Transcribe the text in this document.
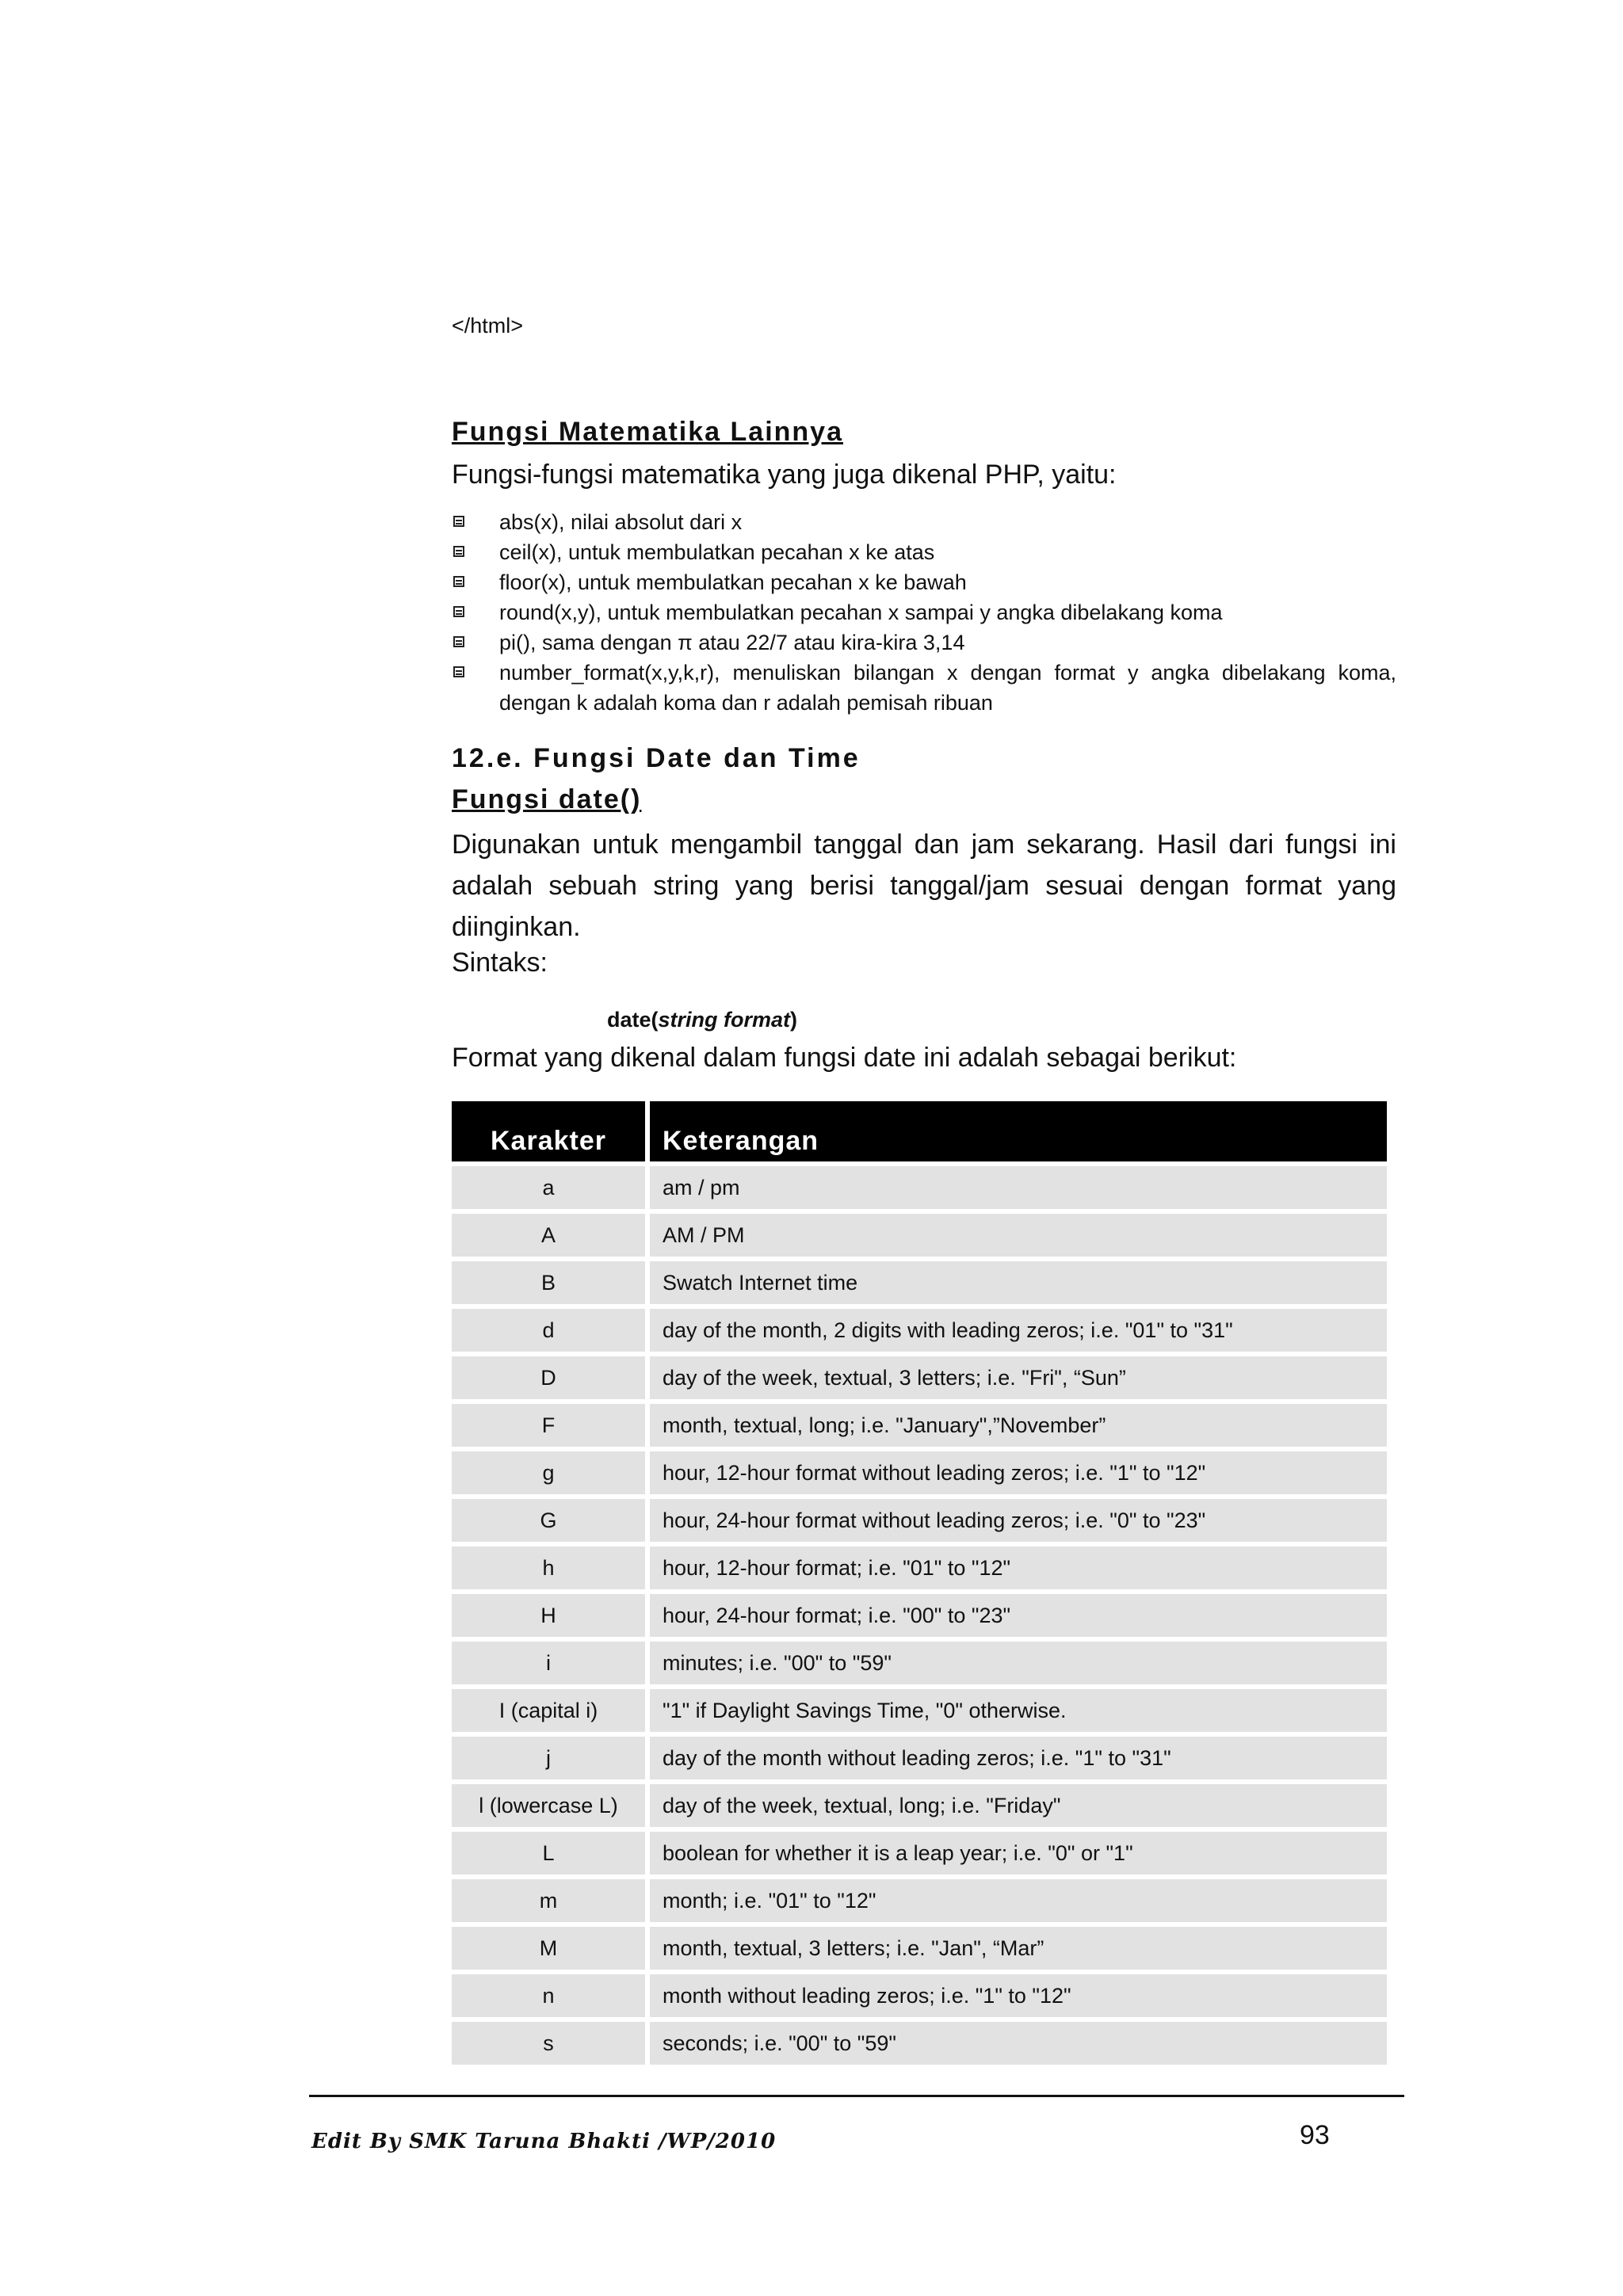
</html>
Fungsi Matematika Lainnya

Fungsi-fungsi matematika yang juga dikenal PHP, yaitu:

abs(x), nilai absolut dari x
ceil(x), untuk membulatkan pecahan x ke atas
floor(x), untuk membulatkan pecahan x ke bawah
round(x,y), untuk membulatkan pecahan x sampai y angka dibelakang koma
pi(), sama dengan π atau 22/7 atau kira-kira 3,14
number_format(x,y,k,r), menuliskan bilangan x dengan format y angka dibelakang koma, dengan k adalah koma dan r adalah pemisah ribuan
12.e. Fungsi Date dan Time
Fungsi date()

Digunakan untuk mengambil tanggal dan jam sekarang. Hasil dari fungsi ini adalah sebuah string yang berisi tanggal/jam sesuai dengan format yang diinginkan.

Sintaks:

date(string format)

Format yang dikenal dalam fungsi date ini adalah sebagai berikut:

Karakter	Keterangan
a	am / pm
A	AM / PM
B	Swatch Internet time
d	day of the month, 2 digits with leading zeros; i.e. "01" to "31"
D	day of the week, textual, 3 letters; i.e. "Fri", “Sun”
F	month, textual, long; i.e. "January",”November”
g	hour, 12-hour format without leading zeros; i.e. "1" to "12"
G	hour, 24-hour format without leading zeros; i.e. "0" to "23"
h	hour, 12-hour format; i.e. "01" to "12"
H	hour, 24-hour format; i.e. "00" to "23"
i	minutes; i.e. "00" to "59"
I (capital i)	"1" if Daylight Savings Time, "0" otherwise.
j	day of the month without leading zeros; i.e. "1" to "31"
l (lowercase L)	day of the week, textual, long; i.e. "Friday"
L	boolean for whether it is a leap year; i.e. "0" or "1"
m	month; i.e. "01" to "12"
M	month, textual, 3 letters; i.e. "Jan", “Mar”
n	month without leading zeros; i.e. "1" to "12"
s	seconds; i.e. "00" to "59"
Edit By SMK Taruna Bhakti /WP/2010	93
